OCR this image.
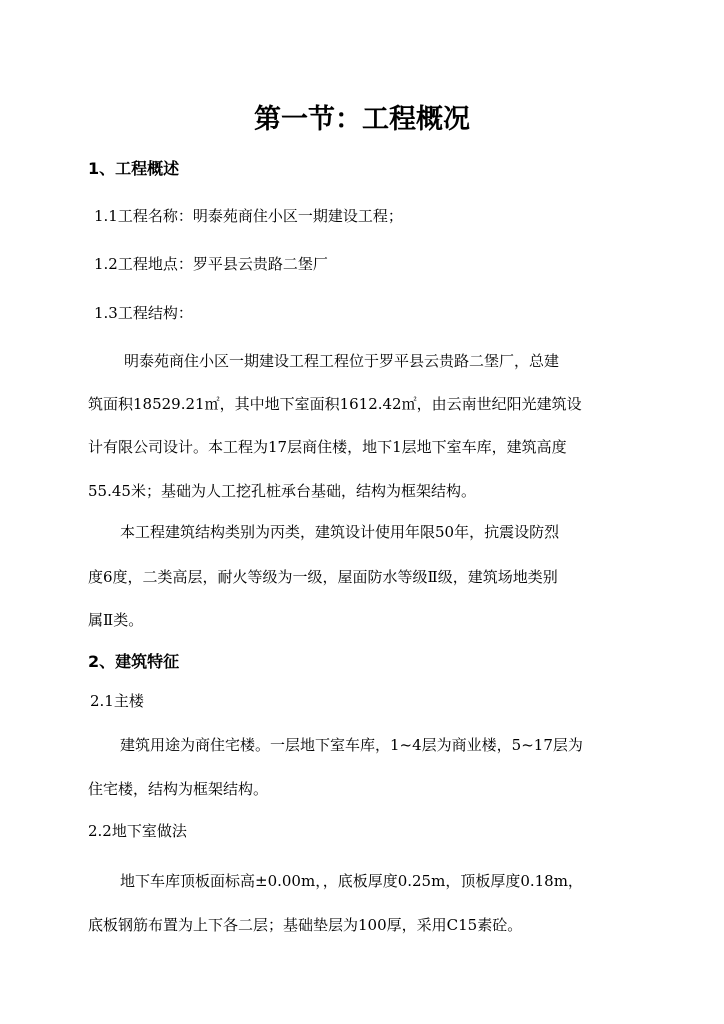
第一节：工程概况
1、工程概述
1.1工程名称：明泰苑商住小区一期建设工程；
1.2工程地点：罗平县云贵路二堡厂
1.3工程结构：
明泰苑商住小区一期建设工程工程位于罗平县云贵路二堡厂，总建
筑面积18529.21㎡，其中地下室面积1612.42㎡，由云南世纪阳光建筑设
计有限公司设计。本工程为17层商住楼，地下1层地下室车库，建筑高度
55.45米；基础为人工挖孔桩承台基础，结构为框架结构。
本工程建筑结构类别为丙类，建筑设计使用年限50年，抗震设防烈
度6度，二类高层，耐火等级为一级，屋面防水等级Ⅱ级，建筑场地类别
属Ⅱ类。
2、建筑特征
2.1主楼
建筑用途为商住宅楼。一层地下室车库，1~4层为商业楼，5~17层为
住宅楼，结构为框架结构。
2.2地下室做法
地下车库顶板面标高±0.00m，，底板厚度0.25m，顶板厚度0.18m，
底板钢筋布置为上下各二层；基础垫层为100厚，采用C15素砼。
